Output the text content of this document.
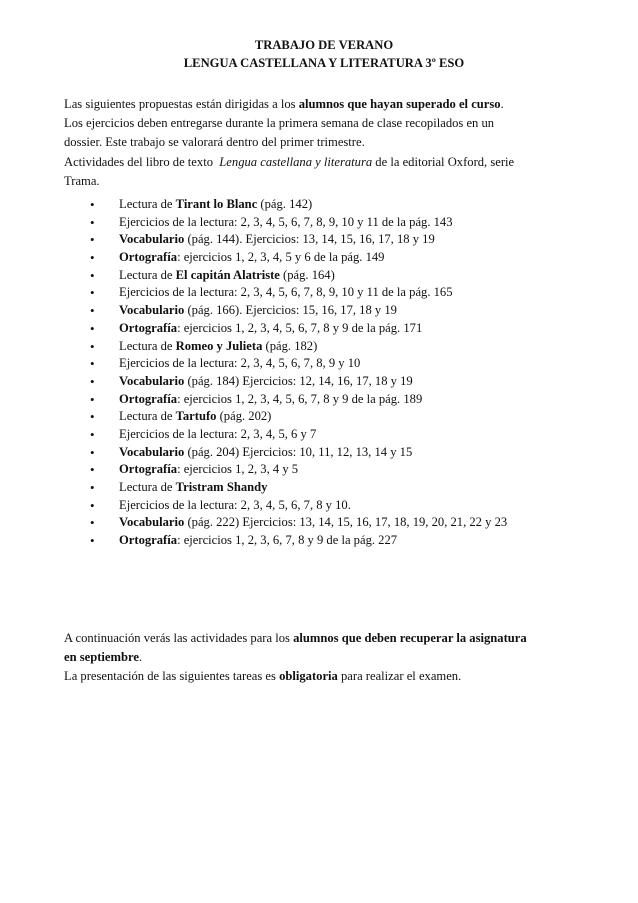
TRABAJO DE VERANO
LENGUA CASTELLANA Y LITERATURA 3º ESO
Las siguientes propuestas están dirigidas a los alumnos que hayan superado el curso.
Los ejercicios deben entregarse durante la primera semana de clase recopilados en un
dossier. Este trabajo se valorará dentro del primer trimestre.
Actividades del libro de texto  Lengua castellana y literatura de la editorial Oxford, serie
Trama.
• Lectura de Tirant lo Blanc (pág. 142)
• Ejercicios de la lectura: 2, 3, 4, 5, 6, 7, 8, 9, 10 y 11 de la pág. 143
• Vocabulario (pág. 144). Ejercicios: 13, 14, 15, 16, 17, 18 y 19
• Ortografía: ejercicios 1, 2, 3, 4, 5 y 6 de la pág. 149
• Lectura de El capitán Alatriste (pág. 164)
• Ejercicios de la lectura: 2, 3, 4, 5, 6, 7, 8, 9, 10 y 11 de la pág. 165
• Vocabulario (pág. 166). Ejercicios: 15, 16, 17, 18 y 19
• Ortografía: ejercicios 1, 2, 3, 4, 5, 6, 7, 8 y 9 de la pág. 171
• Lectura de Romeo y Julieta (pág. 182)
• Ejercicios de la lectura: 2, 3, 4, 5, 6, 7, 8, 9 y 10
• Vocabulario (pág. 184) Ejercicios: 12, 14, 16, 17, 18 y 19
• Ortografía: ejercicios 1, 2, 3, 4, 5, 6, 7, 8 y 9 de la pág. 189
• Lectura de Tartufo (pág. 202)
• Ejercicios de la lectura: 2, 3, 4, 5, 6 y 7
• Vocabulario (pág. 204) Ejercicios: 10, 11, 12, 13, 14 y 15
• Ortografía: ejercicios 1, 2, 3, 4 y 5
• Lectura de Tristram Shandy
• Ejercicios de la lectura: 2, 3, 4, 5, 6, 7, 8 y 10.
• Vocabulario (pág. 222) Ejercicios: 13, 14, 15, 16, 17, 18, 19, 20, 21, 22 y 23
• Ortografía: ejercicios 1, 2, 3, 6, 7, 8 y 9 de la pág. 227
A continuación verás las actividades para los alumnos que deben recuperar la asignatura
en septiembre.
La presentación de las siguientes tareas es obligatoria para realizar el examen.
